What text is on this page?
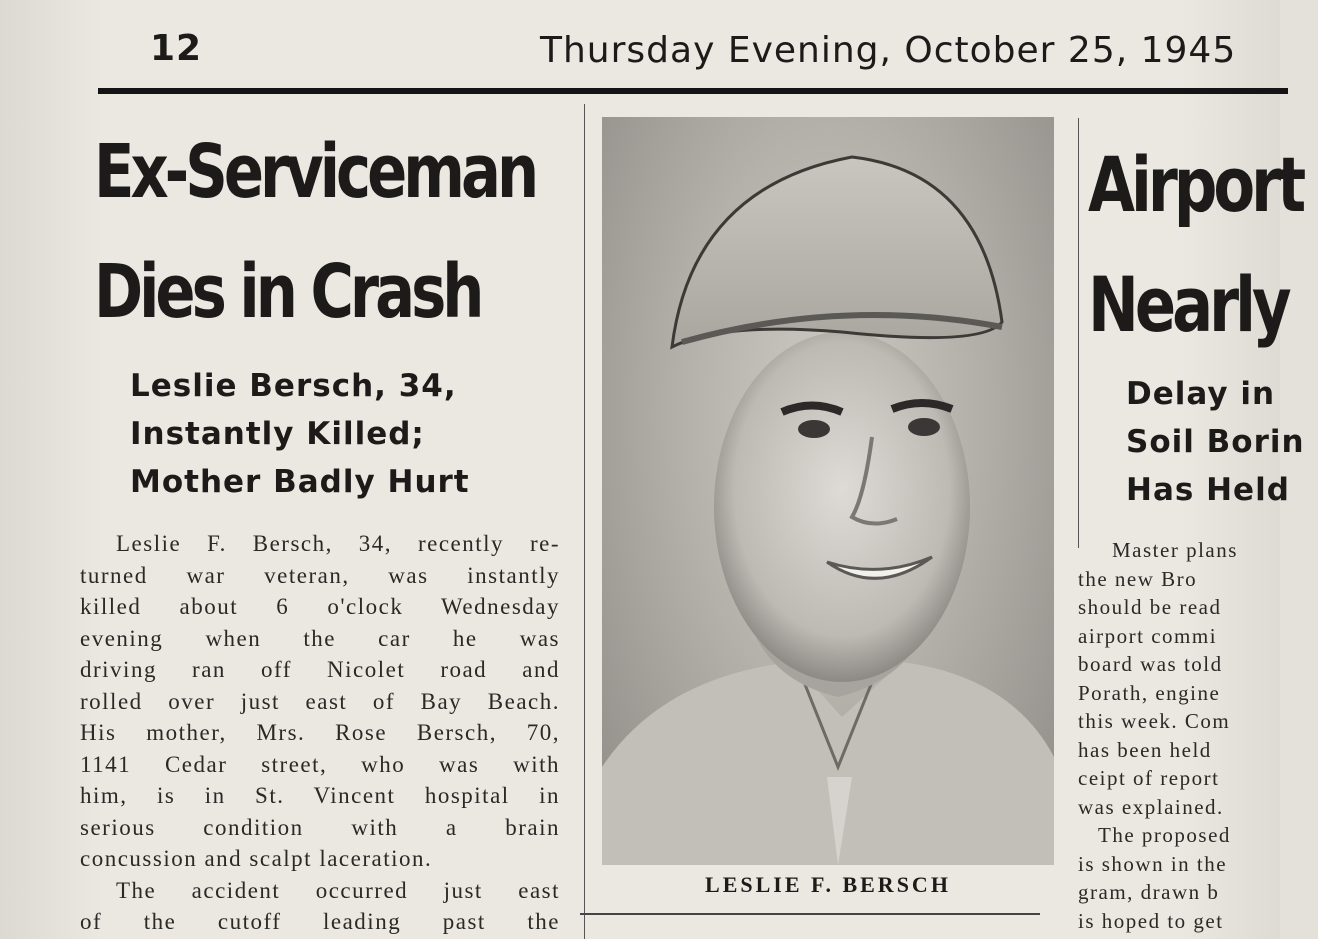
12	Thursday Evening, October 25, 1945
Ex-Serviceman
Dies in Crash
Leslie Bersch, 34,
Instantly Killed;
Mother Badly Hurt

Leslie F. Bersch, 34, recently re-

turned war veteran, was instantly

killed about 6 o'clock Wednesday

evening when the car he was

driving ran off Nicolet road and

rolled over just east of Bay Beach.

His mother, Mrs. Rose Bersch, 70,

1141 Cedar street, who was with

him, is in St. Vincent hospital in

serious condition with a brain

concussion and scalpt laceration.

The accident occurred just east

of the cutoff leading past the

LESLIE F. BERSCH
Airport
Nearly
Delay in
Soil Borin
Has Held
Master plans
the new Bro
should be read
airport commi
board was told
Porath, engine
this week. Com
has been held
ceipt of report
was explained.
The proposed
is shown in the
gram, drawn b
is hoped to get
